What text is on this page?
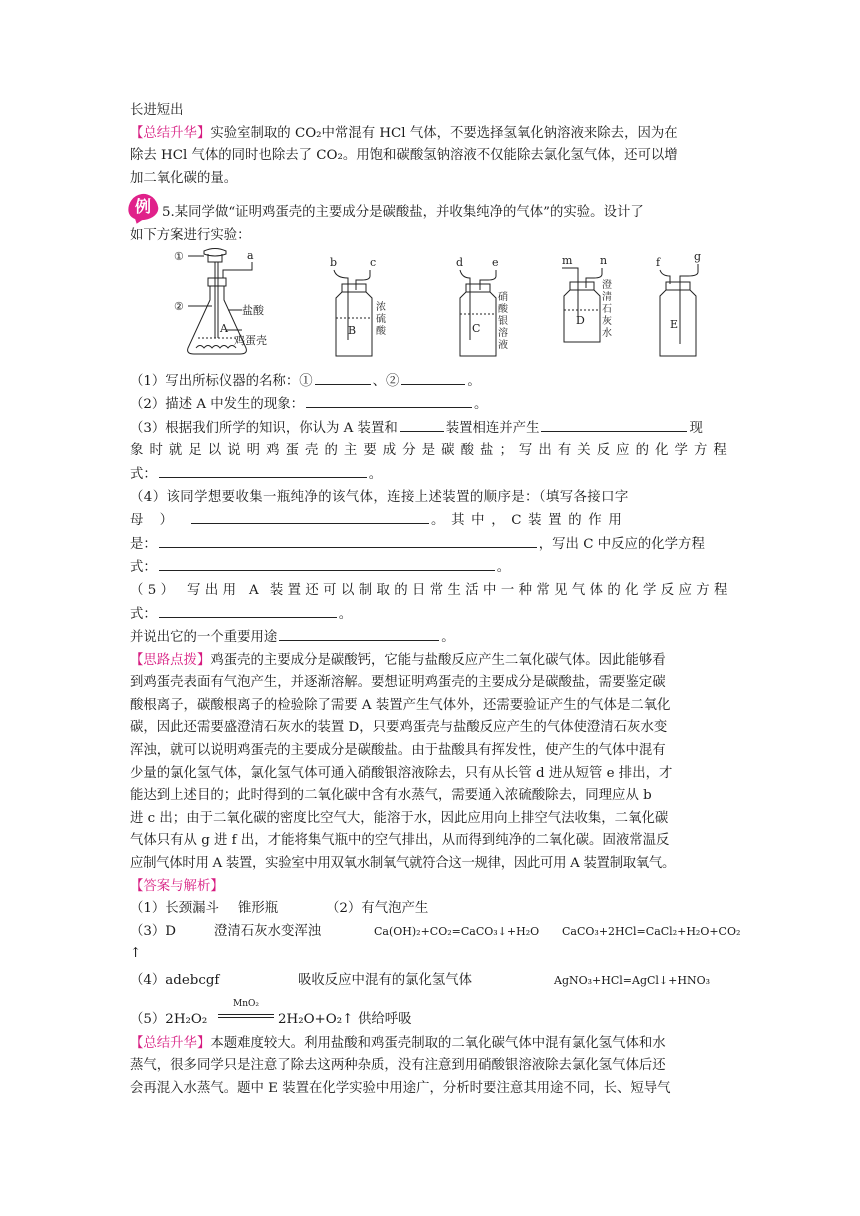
长进短出
【总结升华】实验室制取的 CO₂中常混有 HCl 气体，不要选择氢氧化钠溶液来除去，因为在
除去 HCl 气体的同时也除去了 CO₂。用饱和碳酸氢钠溶液不仅能除去氯化氢气体，还可以增
加二氧化碳的量。
例 5.某同学做“证明鸡蛋壳的主要成分是碳酸盐，并收集纯净的气体”的实验。设计了
如下方案进行实验：
①	a
②
A
盐酸
鸡蛋壳
b	c
B
浓
硫
酸
d	e
C
硝
酸
银
溶
液
m	n
D
澄
清
石
灰
水
f	g
E
（1）写出所标仪器的名称：①	、②	。
（2）描述 A 中发生的现象：	。
（3）根据我们所学的知识，你认为 A 装置和	装置相连并产生	现
象时就足以说明鸡蛋壳的主要成分是碳酸盐；写出有关反应的化学方程
式：	。
（4）该同学想要收集一瓶纯净的该气体，连接上述装置的顺序是：（填写各接口字
母 ）	。 其 中 ， C 装 置 的 作 用
是：	，写出 C 中反应的化学方程
式：	。
（5） 写出用 A 装置还可以制取的日常生活中一种常见气体的化学反应方程
式：	。
并说出它的一个重要用途	。
【思路点拨】鸡蛋壳的主要成分是碳酸钙，它能与盐酸反应产生二氧化碳气体。因此能够看
到鸡蛋壳表面有气泡产生，并逐渐溶解。要想证明鸡蛋壳的主要成分是碳酸盐，需要鉴定碳
酸根离子，碳酸根离子的检验除了需要 A 装置产生气体外，还需要验证产生的气体是二氧化
碳，因此还需要盛澄清石灰水的装置 D，只要鸡蛋壳与盐酸反应产生的气体使澄清石灰水变
浑浊，就可以说明鸡蛋壳的主要成分是碳酸盐。由于盐酸具有挥发性，使产生的气体中混有
少量的氯化氢气体，氯化氢气体可通入硝酸银溶液除去，只有从长管 d 进从短管 e 排出，才
能达到上述目的；此时得到的二氧化碳中含有水蒸气，需要通入浓硫酸除去，同理应从 b
进 c 出；由于二氧化碳的密度比空气大，能溶于水，因此应用向上排空气法收集，二氧化碳
气体只有从 g 进 f 出，才能将集气瓶中的空气排出，从而得到纯净的二氧化碳。固液常温反
应制气体时用 A 装置，实验室中用双氧水制氧气就符合这一规律，因此可用 A 装置制取氧气。
【答案与解析】
（1）长颈漏斗 锥形瓶	（2）有气泡产生
（3）D	澄清石灰水变浑浊	Ca(OH)₂+CO₂=CaCO₃↓+H₂O CaCO₃+2HCl=CaCl₂+H₂O+CO₂
↑
（4）adebcgf	吸收反应中混有的氯化氢气体	AgNO₃+HCl=AgCl↓+HNO₃
（5）2H₂O₂
MnO₂
2H₂O+O₂↑ 供给呼吸
【总结升华】本题难度较大。利用盐酸和鸡蛋壳制取的二氧化碳气体中混有氯化氢气体和水
蒸气，很多同学只是注意了除去这两种杂质，没有注意到用硝酸银溶液除去氯化氢气体后还
会再混入水蒸气。题中 E 装置在化学实验中用途广，分析时要注意其用途不同，长、短导气
